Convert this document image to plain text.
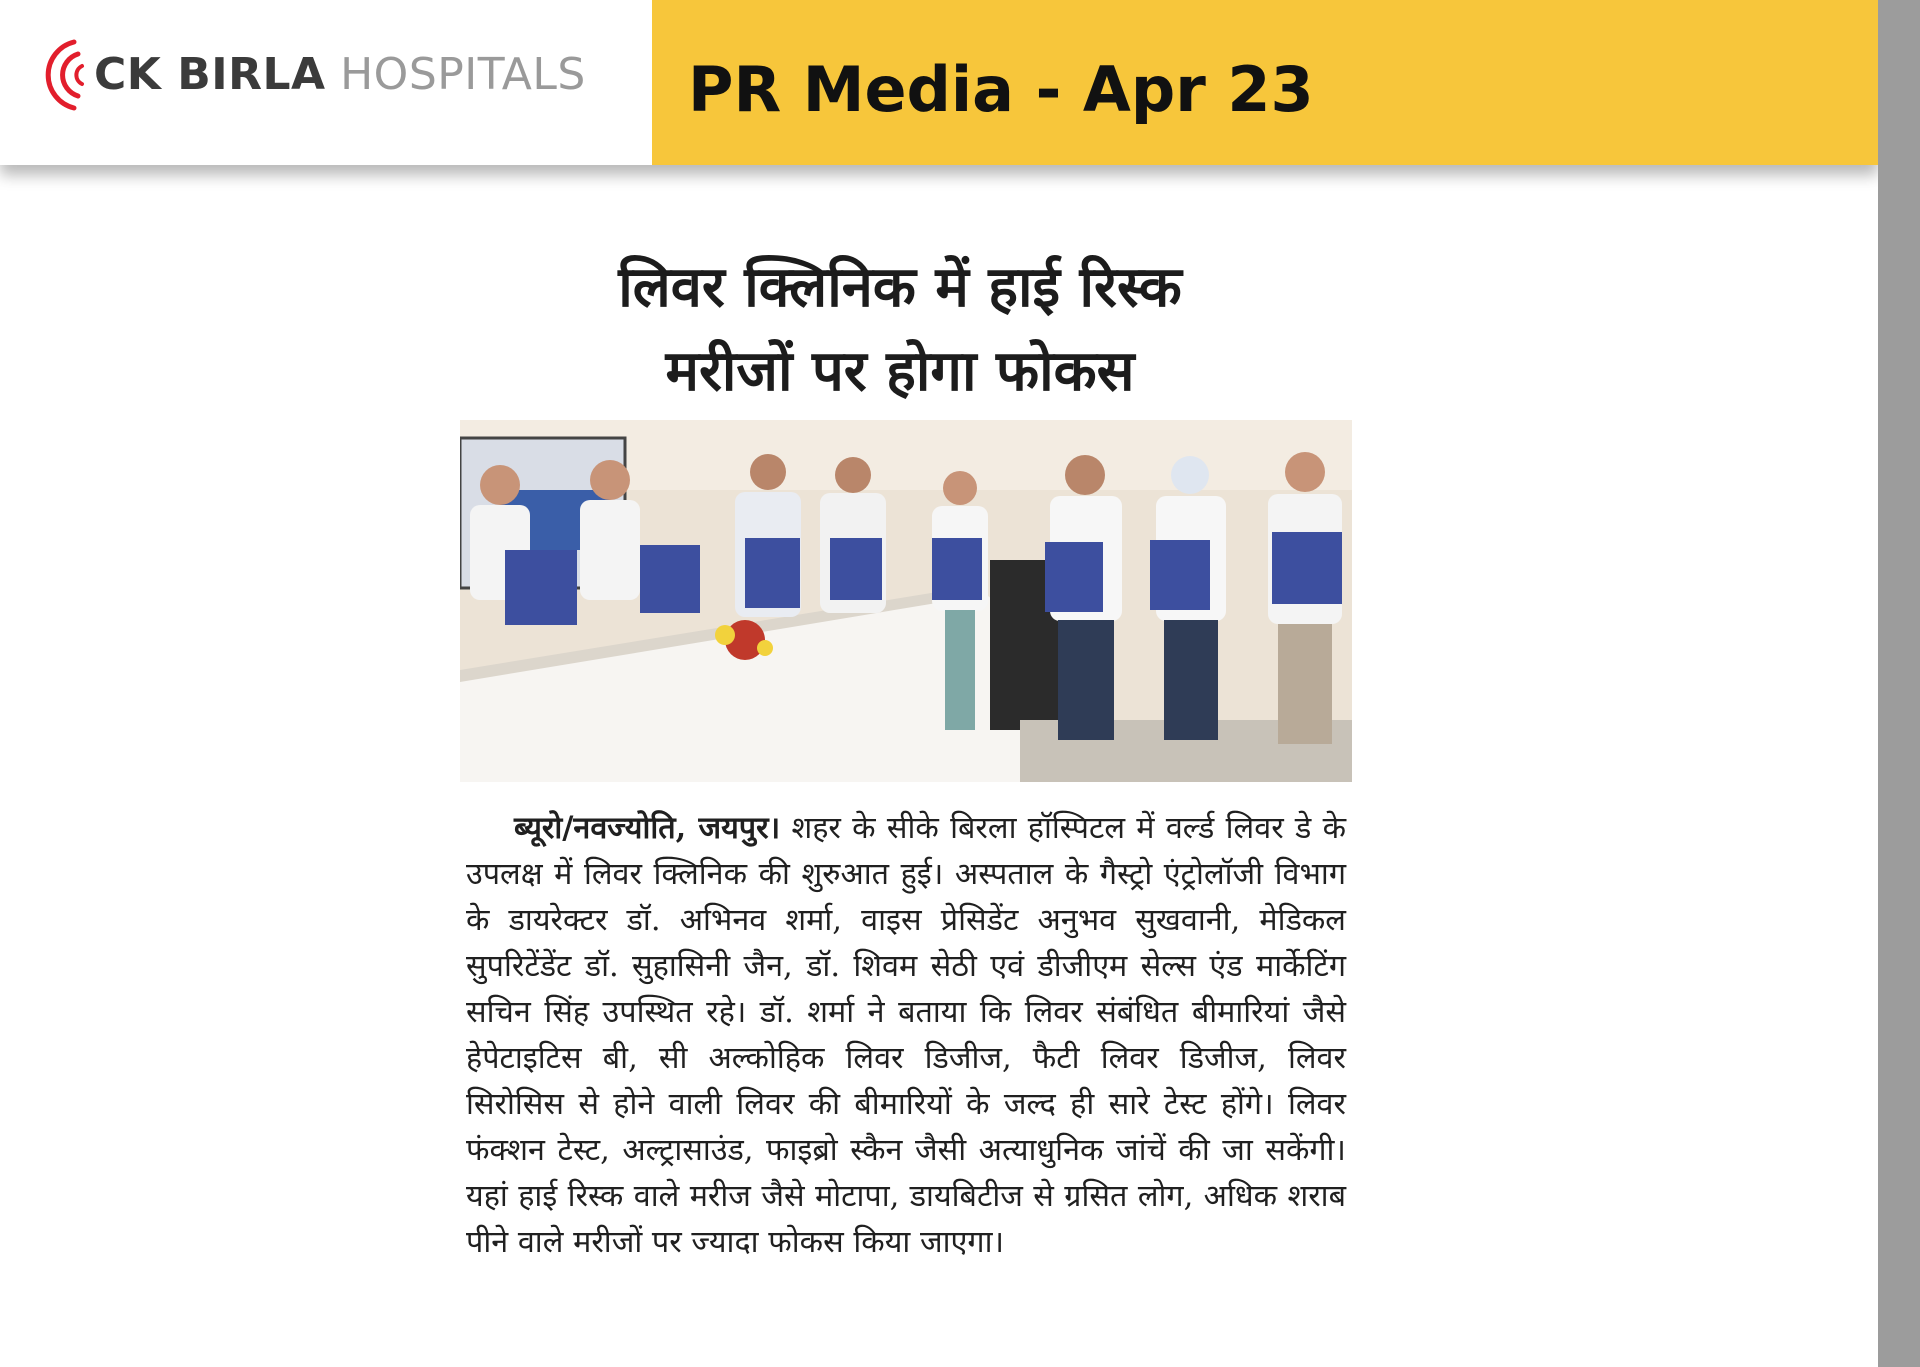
CK BIRLA HOSPITALS PR Media - Apr 23
लिवर क्लिनिक में हाई रिस्क
मरीजों पर होगा फोकस
ब्यूरो/नवज्योति, जयपुर। शहर के सीके बिरला हॉस्पिटल में वर्ल्ड लिवर डे के उपलक्ष में लिवर क्लिनिक की शुरुआत हुई। अस्पताल के गैस्ट्रो एंट्रोलॉजी विभाग के डायरेक्टर डॉ. अभिनव शर्मा, वाइस प्रेसिडेंट अनुभव सुखवानी, मेडिकल सुपरिटेंडेंट डॉ. सुहासिनी जैन, डॉ. शिवम सेठी एवं डीजीएम सेल्स एंड मार्केटिंग सचिन सिंह उपस्थित रहे। डॉ. शर्मा ने बताया कि लिवर संबंधित बीमारियां जैसे हेपेटाइटिस बी, सी अल्कोहिक लिवर डिजीज, फैटी लिवर डिजीज, लिवर सिरोसिस से होने वाली लिवर की बीमारियों के जल्द ही सारे टेस्ट होंगे। लिवर फंक्शन टेस्ट, अल्ट्रासाउंड, फाइब्रो स्कैन जैसी अत्याधुनिक जांचें की जा सकेंगी। यहां हाई रिस्क वाले मरीज जैसे मोटापा, डायबिटीज से ग्रसित लोग, अधिक शराब पीने वाले मरीजों पर ज्यादा फोकस किया जाएगा।
